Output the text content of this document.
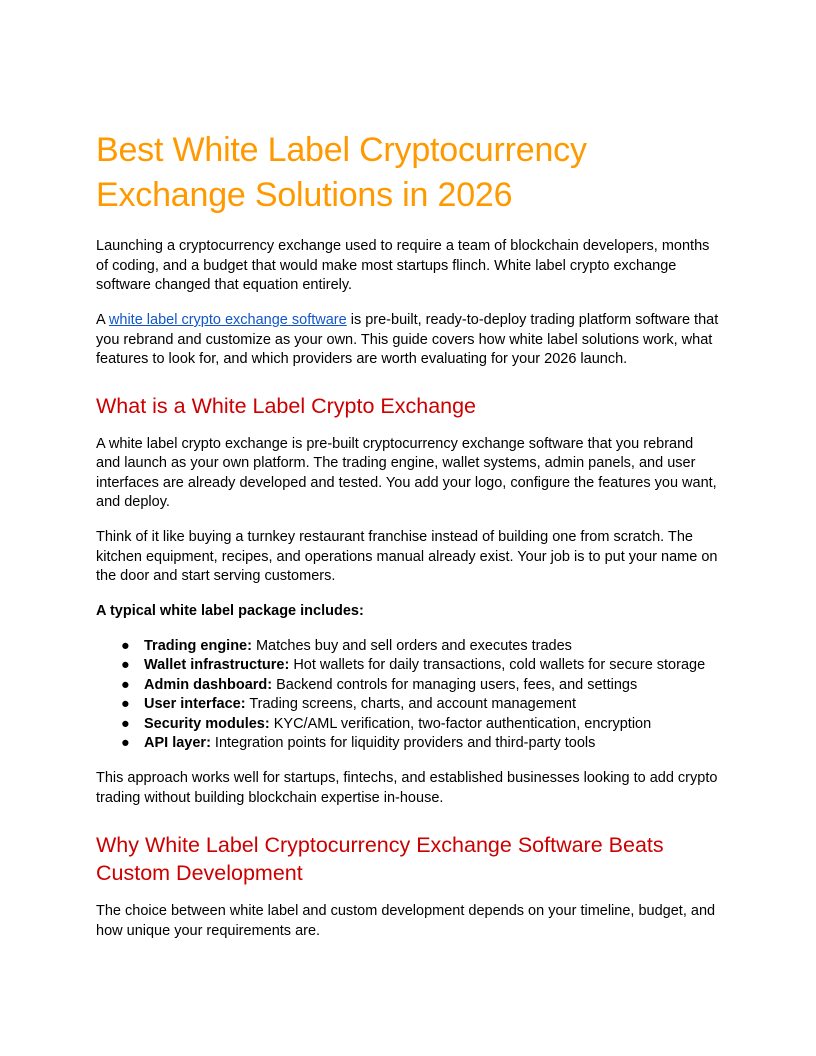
Best White Label Cryptocurrency Exchange Solutions in 2026

Launching a cryptocurrency exchange used to require a team of blockchain developers, months of coding, and a budget that would make most startups flinch. White label crypto exchange software changed that equation entirely.

A white label crypto exchange software is pre-built, ready-to-deploy trading platform software that you rebrand and customize as your own. This guide covers how white label solutions work, what features to look for, and which providers are worth evaluating for your 2026 launch.

What is a White Label Crypto Exchange

A white label crypto exchange is pre-built cryptocurrency exchange software that you rebrand and launch as your own platform. The trading engine, wallet systems, admin panels, and user interfaces are already developed and tested. You add your logo, configure the features you want, and deploy.

Think of it like buying a turnkey restaurant franchise instead of building one from scratch. The kitchen equipment, recipes, and operations manual already exist. Your job is to put your name on the door and start serving customers.

A typical white label package includes:

● Trading engine: Matches buy and sell orders and executes trades
● Wallet infrastructure: Hot wallets for daily transactions, cold wallets for secure storage
● Admin dashboard: Backend controls for managing users, fees, and settings
● User interface: Trading screens, charts, and account management
● Security modules: KYC/AML verification, two-factor authentication, encryption
● API layer: Integration points for liquidity providers and third-party tools

This approach works well for startups, fintechs, and established businesses looking to add crypto trading without building blockchain expertise in-house.

Why White Label Cryptocurrency Exchange Software Beats Custom Development

The choice between white label and custom development depends on your timeline, budget, and how unique your requirements are.
